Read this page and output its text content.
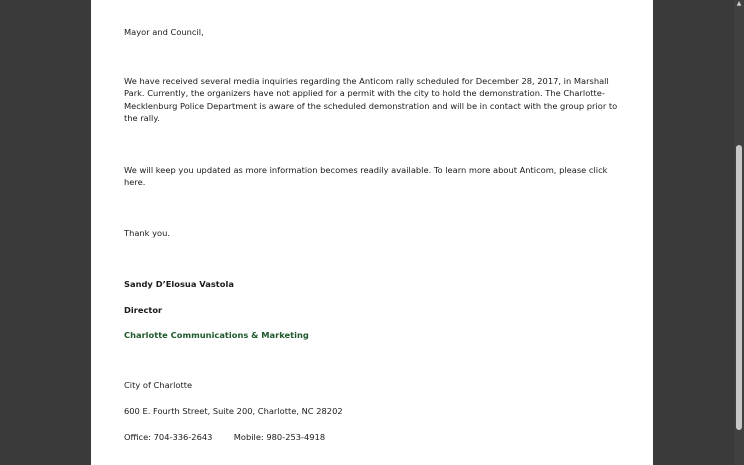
Mayor and Council,

We have received several media inquiries regarding the Anticom rally scheduled for December 28, 2017, in Marshall

Park. Currently, the organizers have not applied for a permit with the city to hold the demonstration. The Charlotte-

Mecklenburg Police Department is aware of the scheduled demonstration and will be in contact with the group prior to

the rally.

We will keep you updated as more information becomes readily available. To learn more about Anticom, please click

here.

Thank you.

Sandy D’Elosua Vastola

Director

Charlotte Communications & Marketing

City of Charlotte

600 E. Fourth Street, Suite 200, Charlotte, NC 28202

Office: 704-336-2643	Mobile: 980-253-4918

▲
